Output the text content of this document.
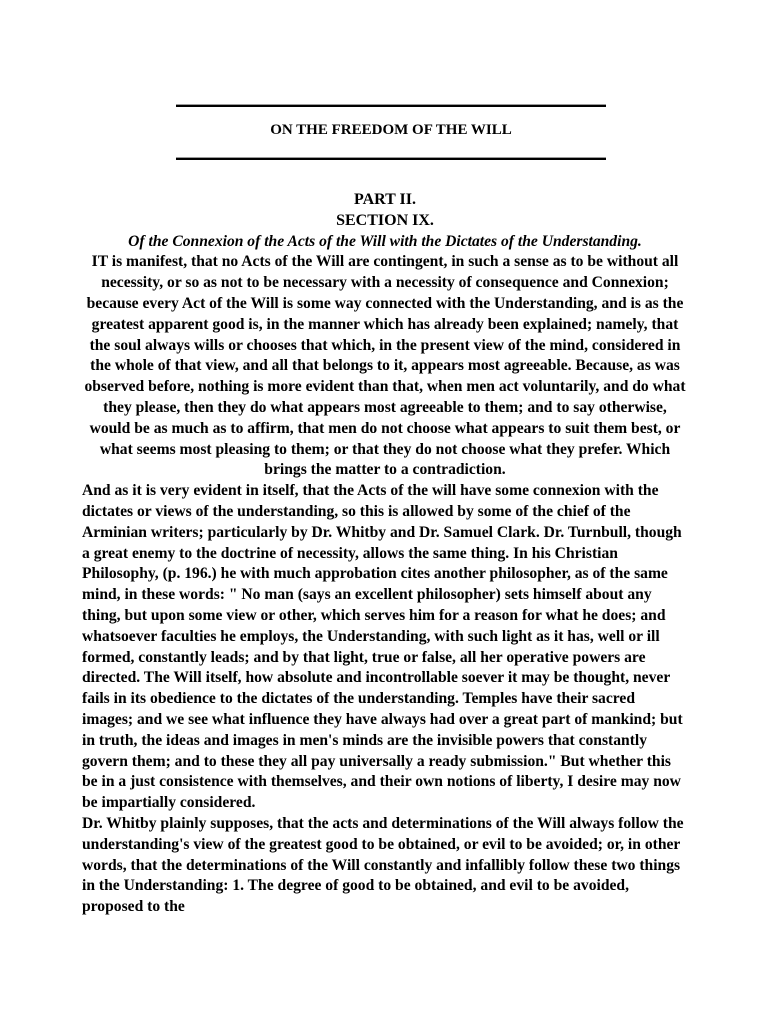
ON THE FREEDOM OF THE WILL
PART II.
SECTION IX.
Of the Connexion of the Acts of the Will with the Dictates of the Understanding.

IT is manifest, that no Acts of the Will are contingent, in such a sense as to be without all necessity, or so as not to be necessary with a necessity of consequence and Connexion; because every Act of the Will is some way connected with the Understanding, and is as the greatest apparent good is, in the manner which has already been explained; namely, that the soul always wills or chooses that which, in the present view of the mind, considered in the whole of that view, and all that belongs to it, appears most agreeable. Because, as was observed before, nothing is more evident than that, when men act voluntarily, and do what they please, then they do what appears most agreeable to them; and to say otherwise, would be as much as to affirm, that men do not choose what appears to suit them best, or what seems most pleasing to them; or that they do not choose what they prefer. Which brings the matter to a contradiction.

And as it is very evident in itself, that the Acts of the will have some connexion with the dictates or views of the understanding, so this is allowed by some of the chief of the Arminian writers; particularly by Dr. Whitby and Dr. Samuel Clark. Dr. Turnbull, though a great enemy to the doctrine of necessity, allows the same thing. In his Christian Philosophy, (p. 196.) he with much approbation cites another philosopher, as of the same mind, in these words: " No man (says an excellent philosopher) sets himself about any thing, but upon some view or other, which serves him for a reason for what he does; and whatsoever faculties he employs, the Understanding, with such light as it has, well or ill formed, constantly leads; and by that light, true or false, all her operative powers are directed. The Will itself, how absolute and incontrollable soever it may be thought, never fails in its obedience to the dictates of the understanding. Temples have their sacred images; and we see what influence they have always had over a great part of mankind; but in truth, the ideas and images in men's minds are the invisible powers that constantly govern them; and to these they all pay universally a ready submission." But whether this be in a just consistence with themselves, and their own notions of liberty, I desire may now be impartially considered.

Dr. Whitby plainly supposes, that the acts and determinations of the Will always follow the understanding's view of the greatest good to be obtained, or evil to be avoided; or, in other words, that the determinations of the Will constantly and infallibly follow these two things in the Understanding: 1. The degree of good to be obtained, and evil to be avoided, proposed to the
